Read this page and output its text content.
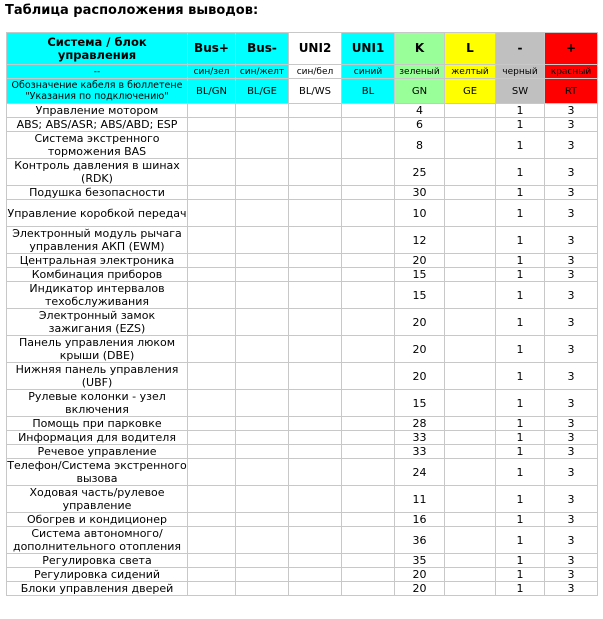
Таблица расположения выводов:
Система / блок управления	Bus+	Bus-	UNI2	UNI1	K	L	-	+
--	син/зел	син/желт	син/бел	синий	зеленый	желтый	черный	красный
Обозначение кабеля в бюллетене "Указания по подключению"	BL/GN	BL/GE	BL/WS	BL	GN	GE	SW	RT
Управление мотором					4		1	3
ABS; ABS/ASR; ABS/ABD; ESP					6		1	3
Система экстренного торможения BAS					8		1	3
Контроль давления в шинах (RDK)					25		1	3
Подушка безопасности					30		1	3
Управление коробкой передач					10		1	3
Электронный модуль рычага управления АКП (EWM)					12		1	3
Центральная электроника					20		1	3
Комбинация приборов					15		1	3
Индикатор интервалов техобслуживания					15		1	3
Электронный замок зажигания (EZS)					20		1	3
Панель управления люком крыши (DBE)					20		1	3
Нижняя панель управления (UBF)					20		1	3
Рулевые колонки - узел включения					15		1	3
Помощь при парковке					28		1	3
Информация для водителя					33		1	3
Речевое управление					33		1	3
Телефон/Система экстренного вызова					24		1	3
Ходовая часть/рулевое управление					11		1	3
Обогрев и кондиционер					16		1	3
Система автономного/дополнительного отопления					36		1	3
Регулировка света					35		1	3
Регулировка сидений					20		1	3
Блоки управления дверей					20		1	3
